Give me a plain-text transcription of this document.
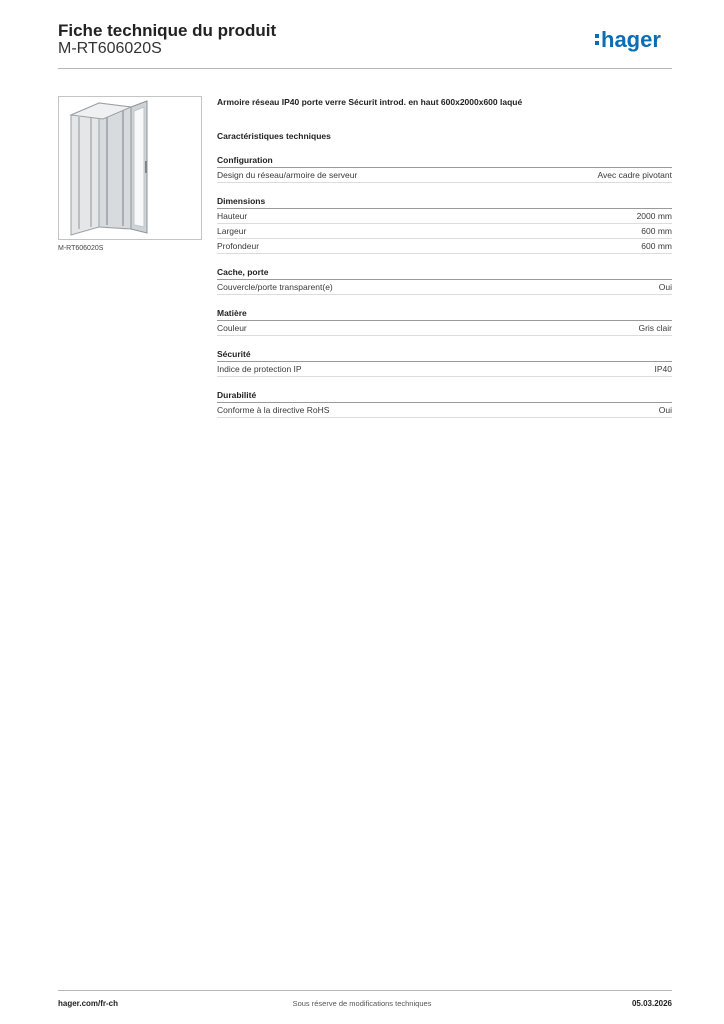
Fiche technique du produit
M-RT606020S	hager
M-RT606020S

Armoire réseau IP40 porte verre Sécurit introd. en haut 600x2000x600 laqué

Caractéristiques techniques
Configuration
Design du réseau/armoire de serveur	Avec cadre pivotant
Dimensions
Hauteur	2000 mm
Largeur	600 mm
Profondeur	600 mm
Cache, porte
Couvercle/porte transparent(e)	Oui
Matière
Couleur	Gris clair
Sécurité
Indice de protection IP	IP40
Durabilité
Conforme à la directive RoHS	Oui
hager.com/fr-ch	Sous réserve de modifications techniques	05.03.2026
